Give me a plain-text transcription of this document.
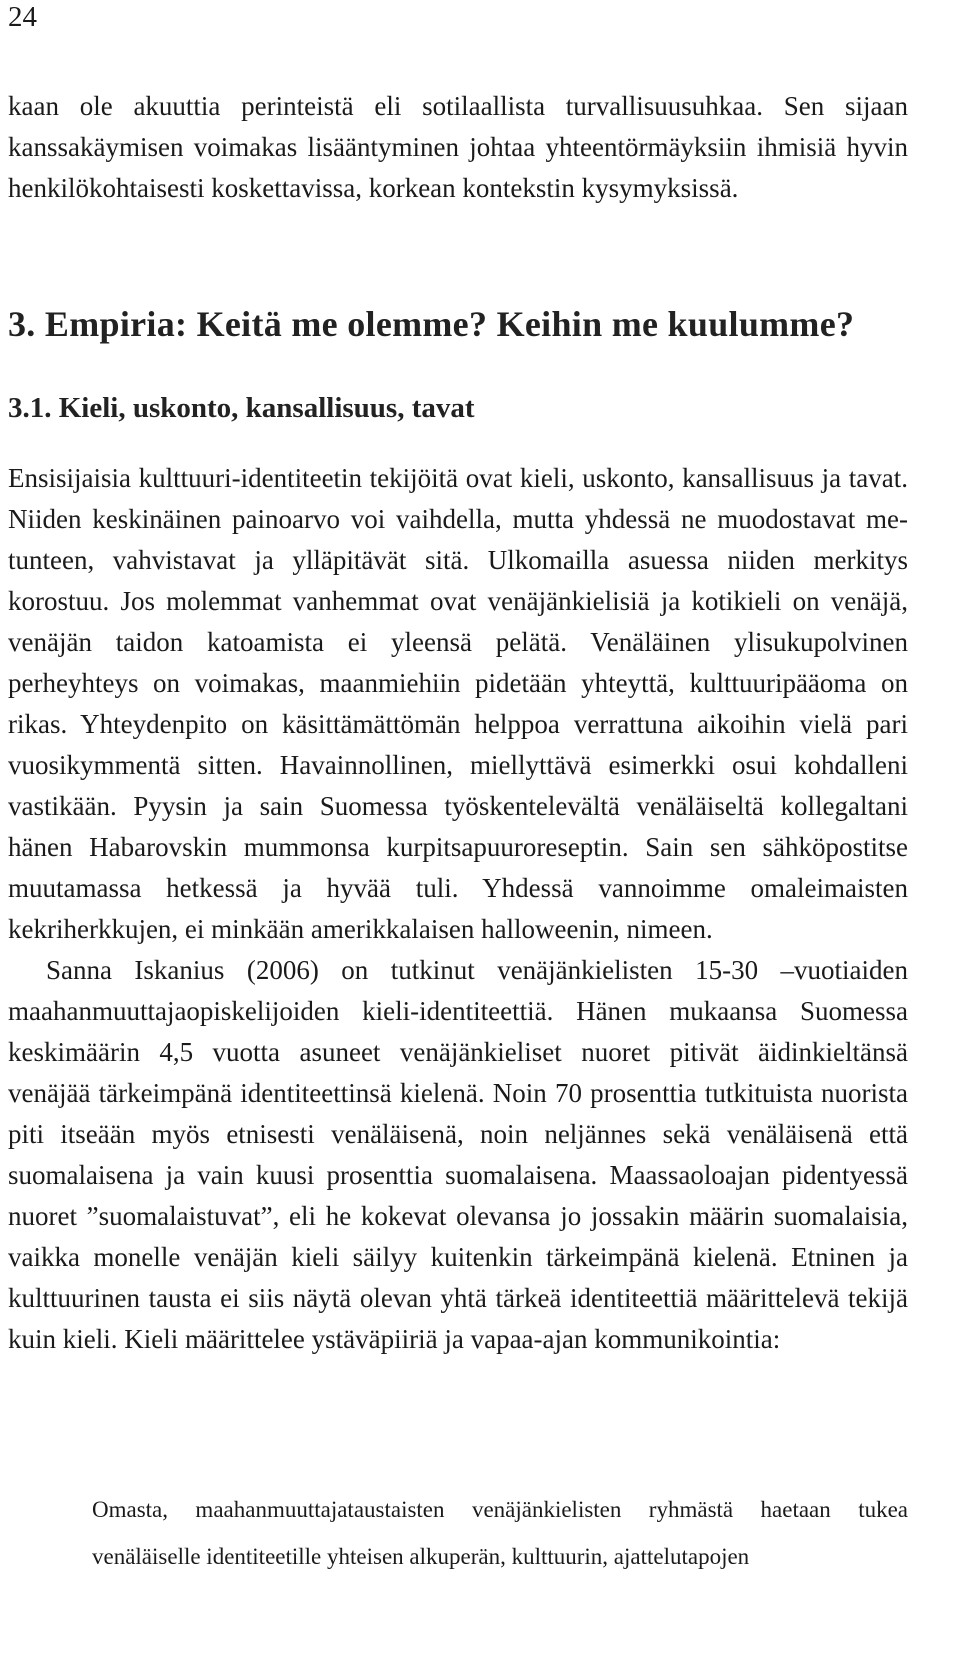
24

kaan ole akuuttia perinteistä eli sotilaallista turvallisuusuhkaa. Sen sijaan kanssakäymisen voimakas lisääntyminen johtaa yhteentörmäyksiin ihmisiä hyvin henkilökohtaisesti koskettavissa, korkean kontekstin kysymyksissä.

3. Empiria: Keitä me olemme? Keihin me kuulumme?
3.1. Kieli, uskonto, kansallisuus, tavat

Ensisijaisia kulttuuri-identiteetin tekijöitä ovat kieli, uskonto, kansallisuus ja tavat. Niiden keskinäinen painoarvo voi vaihdella, mutta yhdessä ne muodostavat me-tunteen, vahvistavat ja ylläpitävät sitä. Ulkomailla asuessa niiden merkitys korostuu. Jos molemmat vanhemmat ovat venäjänkielisiä ja kotikieli on venäjä, venäjän taidon katoamista ei yleensä pelätä. Venäläinen ylisukupolvinen perheyhteys on voimakas, maanmiehiin pidetään yhteyttä, kulttuuripääoma on rikas. Yhteydenpito on käsittämättömän helppoa verrattuna aikoihin vielä pari vuosikymmentä sitten. Havainnollinen, miellyttävä esimerkki osui kohdalleni vastikään. Pyysin ja sain Suomessa työskentelevältä venäläiseltä kollegaltani hänen Habarovskin mummonsa kurpitsapuuroreseptin. Sain sen sähköpostitse muutamassa hetkessä ja hyvää tuli. Yhdessä vannoimme omaleimaisten kekriherkkujen, ei minkään amerikkalaisen halloweenin, nimeen.

Sanna Iskanius (2006) on tutkinut venäjänkielisten 15-30 –vuotiaiden maahanmuuttajaopiskelijoiden kieli-identiteettiä. Hänen mukaansa Suomessa keskimäärin 4,5 vuotta asuneet venäjänkieliset nuoret pitivät äidinkieltänsä venäjää tärkeimpänä identiteettinsä kielenä. Noin 70 prosenttia tutkituista nuorista piti itseään myös etnisesti venäläisenä, noin neljännes sekä venäläisenä että suomalaisena ja vain kuusi prosenttia suomalaisena. Maassaoloajan pidentyessä nuoret ”suomalaistuvat”, eli he kokevat olevansa jo jossakin määrin suomalaisia, vaikka monelle venäjän kieli säilyy kuitenkin tärkeimpänä kielenä. Etninen ja kulttuurinen tausta ei siis näytä olevan yhtä tärkeä identiteettiä määrittelevä tekijä kuin kieli. Kieli määrittelee ystäväpiiriä ja vapaa-ajan kommunikointia:

Omasta, maahanmuuttajataustaisten venäjänkielisten ryhmästä haetaan tukea venäläiselle identiteetille yhteisen alkuperän, kulttuurin, ajattelutapojen
